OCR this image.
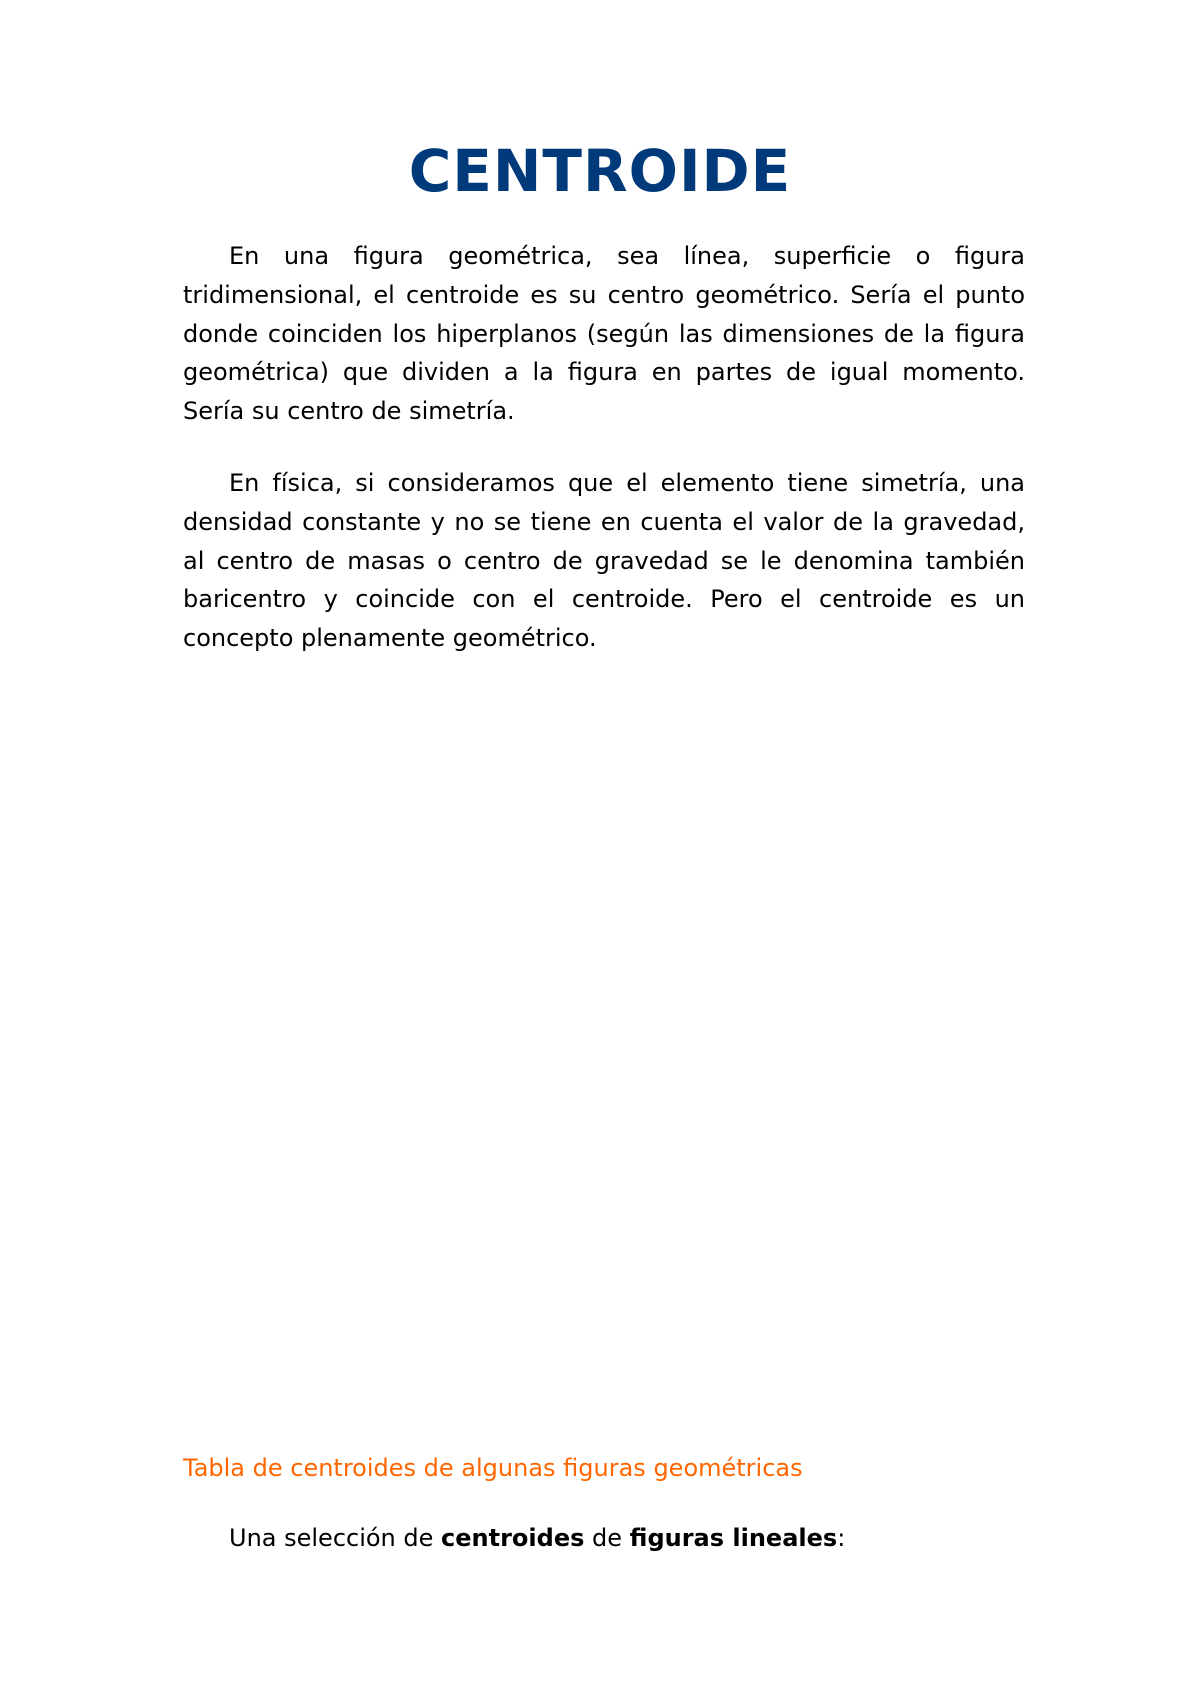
CENTROIDE

En una figura geométrica, sea línea, superficie o figura tridimensional, el centroide es su centro geométrico. Sería el punto donde coinciden los hiperplanos (según las dimensiones de la figura geométrica) que dividen a la figura en partes de igual momento. Sería su centro de simetría.

En física, si consideramos que el elemento tiene simetría, una densidad constante y no se tiene en cuenta el valor de la gravedad, al centro de masas o centro de gravedad se le denomina también baricentro y coincide con el centroide. Pero el centroide es un concepto plenamente geométrico.

Tabla de centroides de algunas figuras geométricas

Una selección de centroides de figuras lineales:
